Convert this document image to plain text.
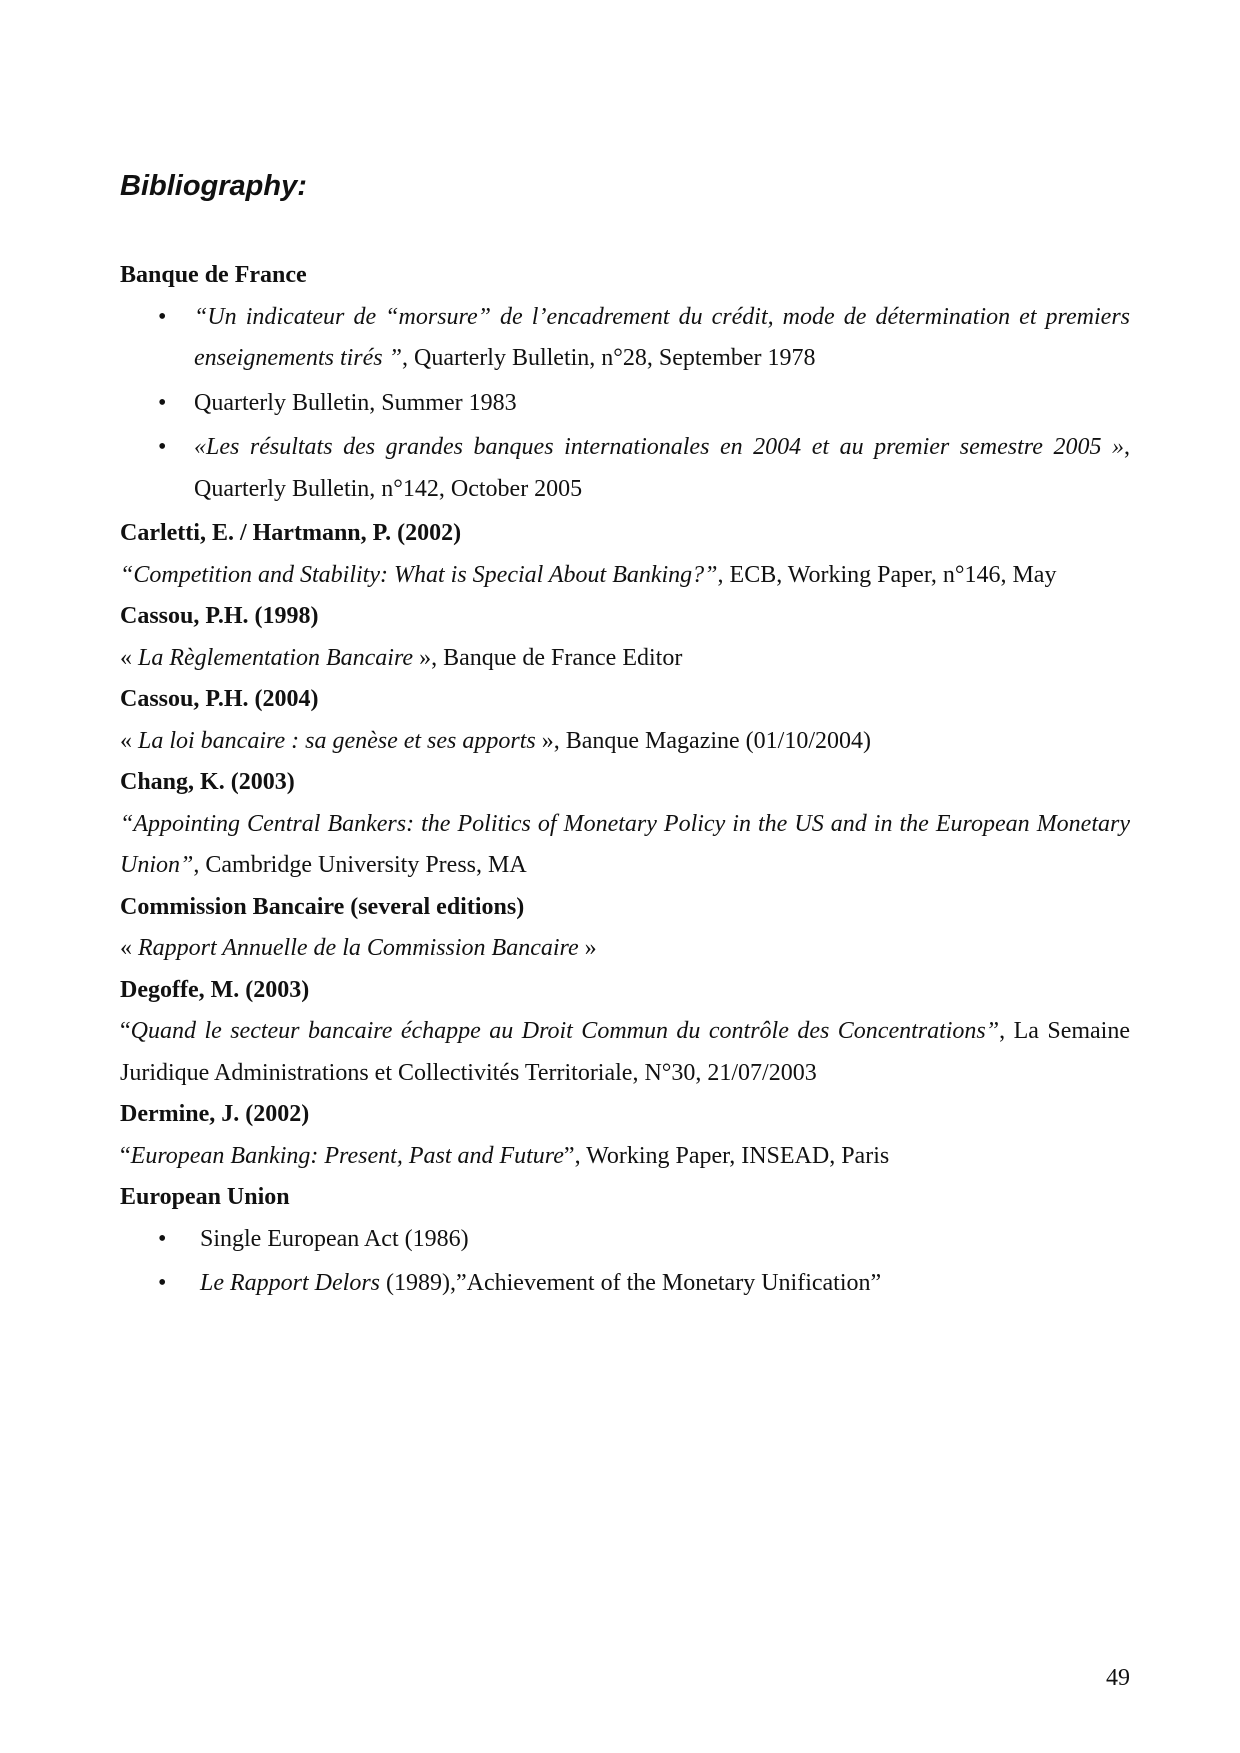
Bibliography:

Banque de France

• “Un indicateur de “morsure” de l’encadrement du crédit, mode de détermination et premiers enseignements tirés ”, Quarterly Bulletin, n°28, September 1978
• Quarterly Bulletin, Summer 1983
• «Les résultats des grandes banques internationales en 2004 et au premier semestre 2005 », Quarterly Bulletin, n°142, October 2005

Carletti, E. / Hartmann, P. (2002)

“Competition and Stability: What is Special About Banking?”, ECB, Working Paper, n°146, May

Cassou, P.H. (1998)

« La Règlementation Bancaire », Banque de France Editor

Cassou, P.H. (2004)

« La loi bancaire : sa genèse et ses apports », Banque Magazine (01/10/2004)

Chang, K. (2003)

“Appointing Central Bankers: the Politics of Monetary Policy in the US and in the European Monetary Union”, Cambridge University Press, MA

Commission Bancaire (several editions)

« Rapport Annuelle de la Commission Bancaire »

Degoffe, M. (2003)

“Quand le secteur bancaire échappe au Droit Commun du contrôle des Concentrations”, La Semaine Juridique Administrations et Collectivités Territoriale, N°30, 21/07/2003

Dermine, J. (2002)

“European Banking: Present, Past and Future”, Working Paper, INSEAD, Paris

European Union

• Single European Act (1986)
• Le Rapport Delors (1989),”Achievement of the Monetary Unification”
49
